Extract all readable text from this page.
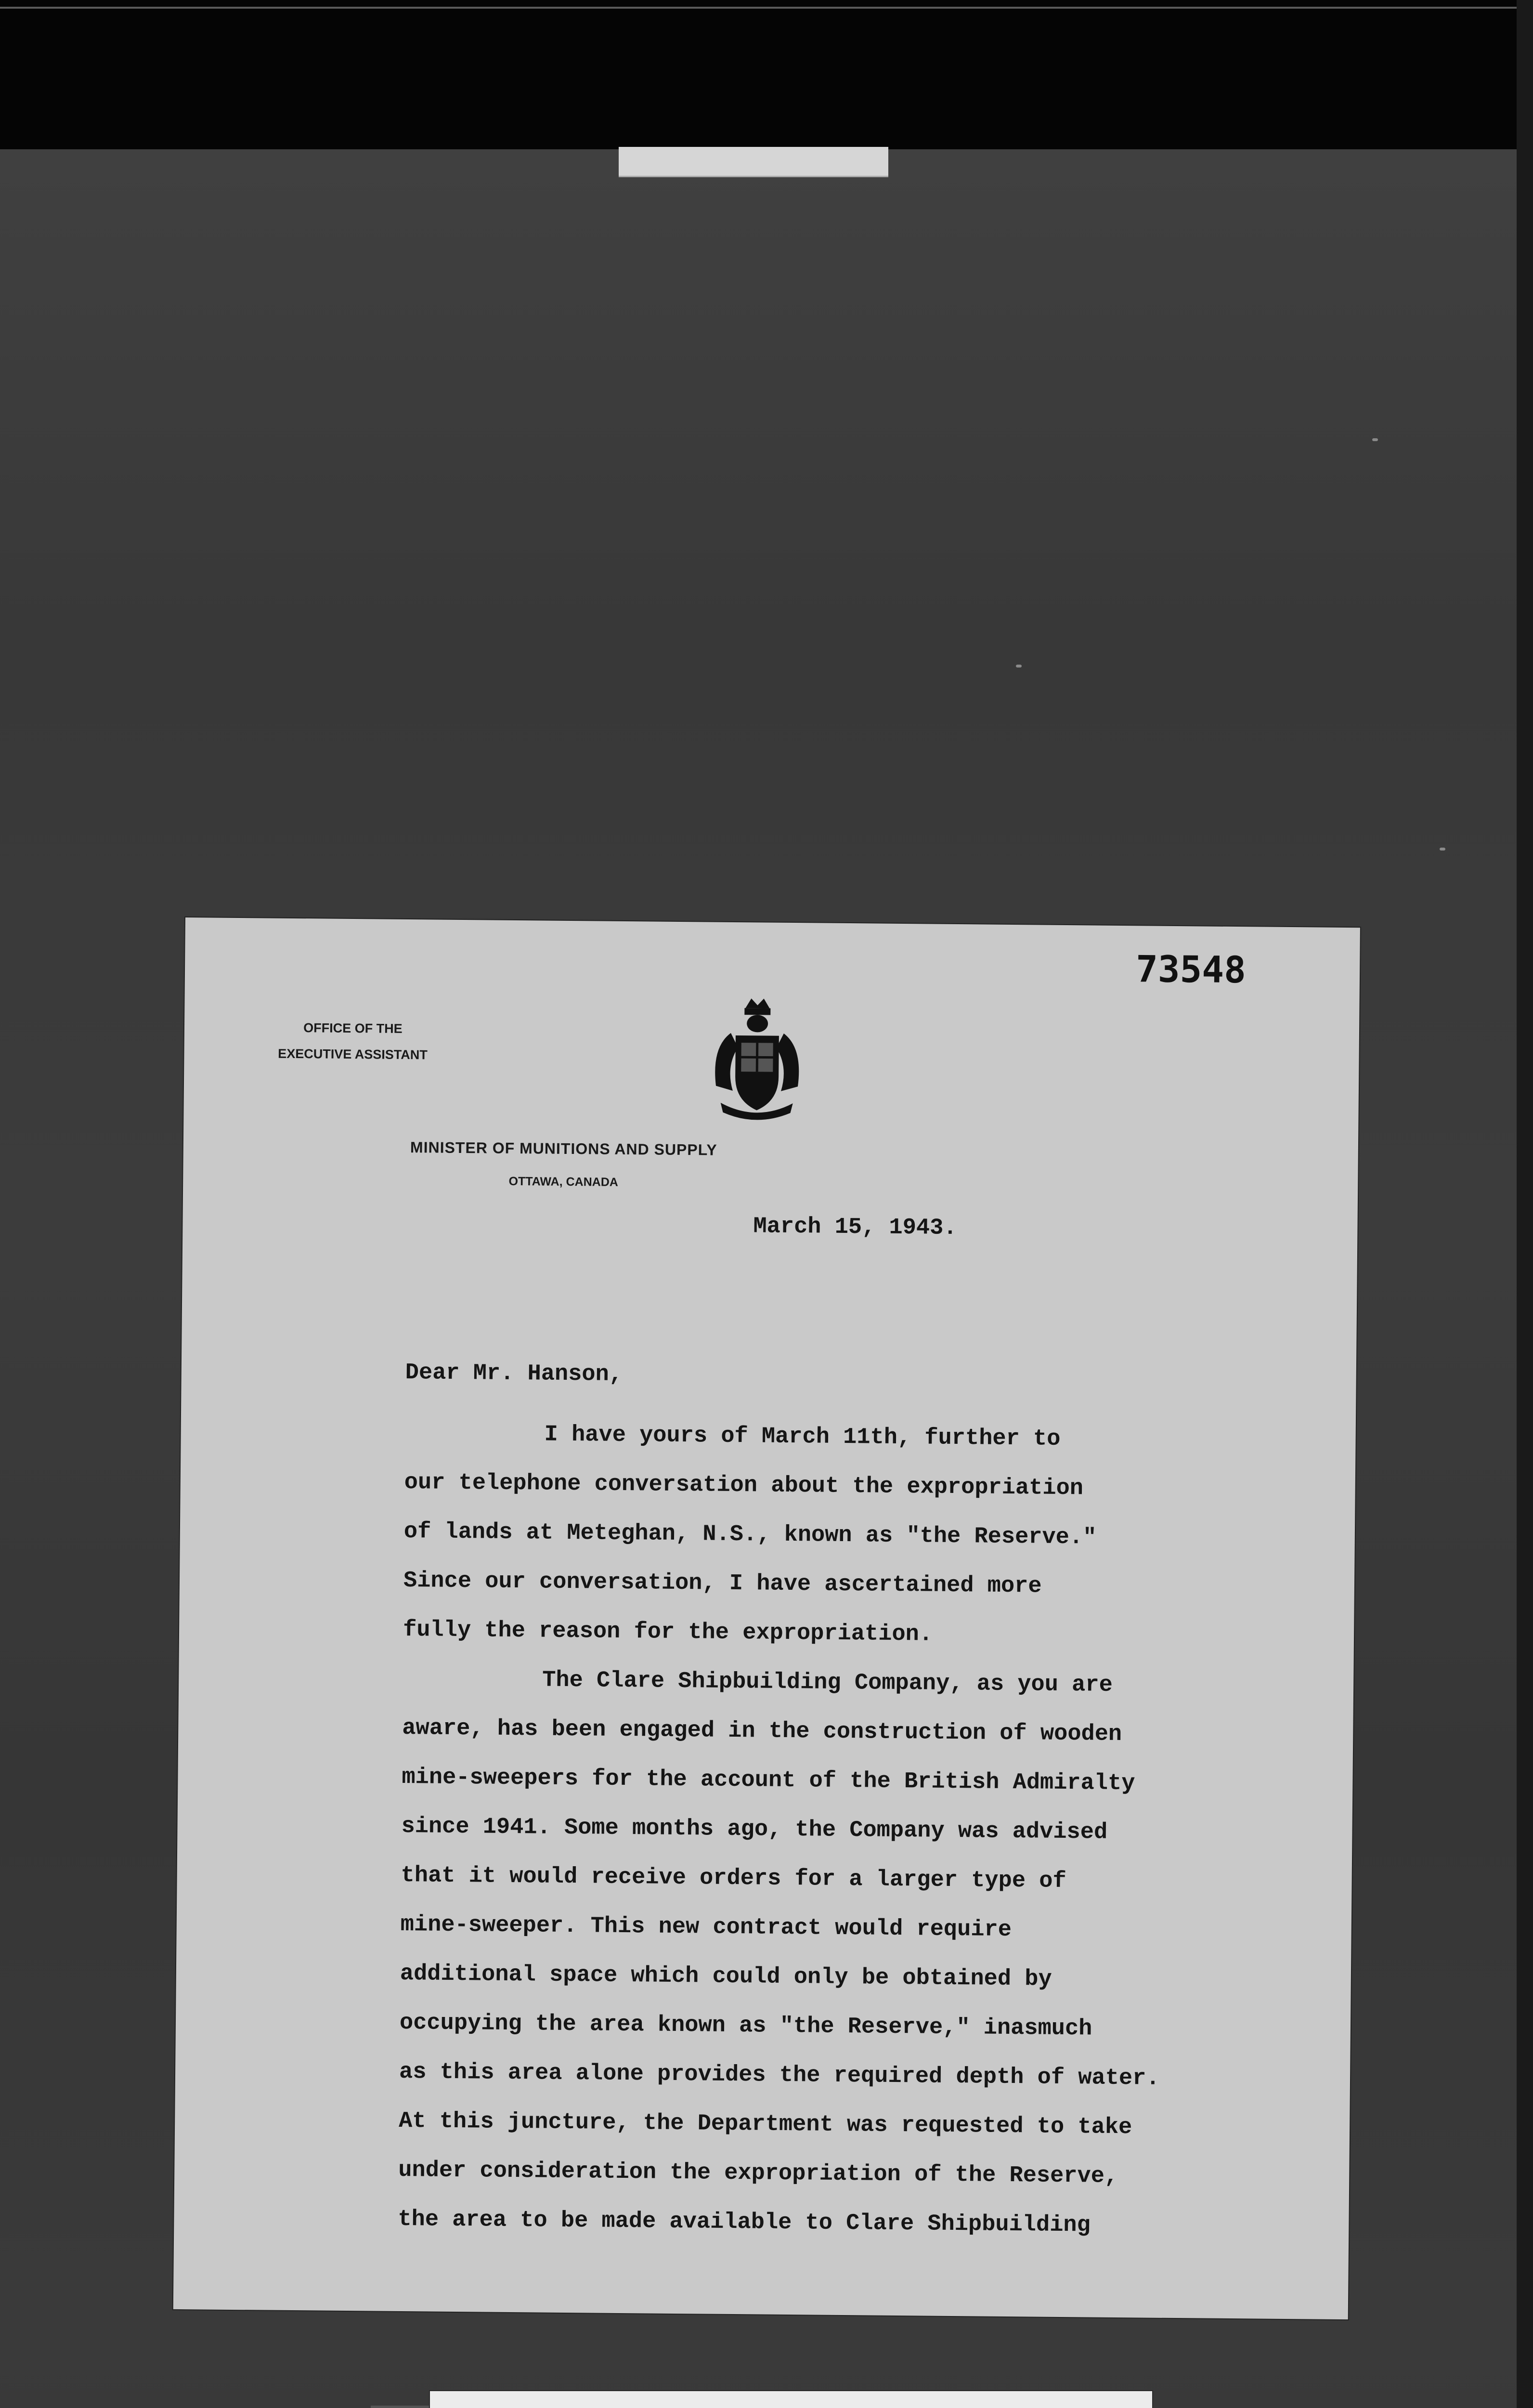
73548
OFFICE OF THE
EXECUTIVE ASSISTANT
MINISTER OF MUNITIONS AND SUPPLY
OTTAWA, CANADA
March 15, 1943.
Dear Mr. Hanson,
I have yours of March 11th, further to
our telephone conversation about the expropriation
of lands at Meteghan, N.S., known as "the Reserve."
Since our conversation, I have ascertained more
fully the reason for the expropriation.
The Clare Shipbuilding Company, as you are
aware, has been engaged in the construction of wooden
mine-sweepers for the account of the British Admiralty
since 1941. Some months ago, the Company was advised
that it would receive orders for a larger type of
mine-sweeper. This new contract would require
additional space which could only be obtained by
occupying the area known as "the Reserve," inasmuch
as this area alone provides the required depth of water.
At this juncture, the Department was requested to take
under consideration the expropriation of the Reserve,
the area to be made available to Clare Shipbuilding
